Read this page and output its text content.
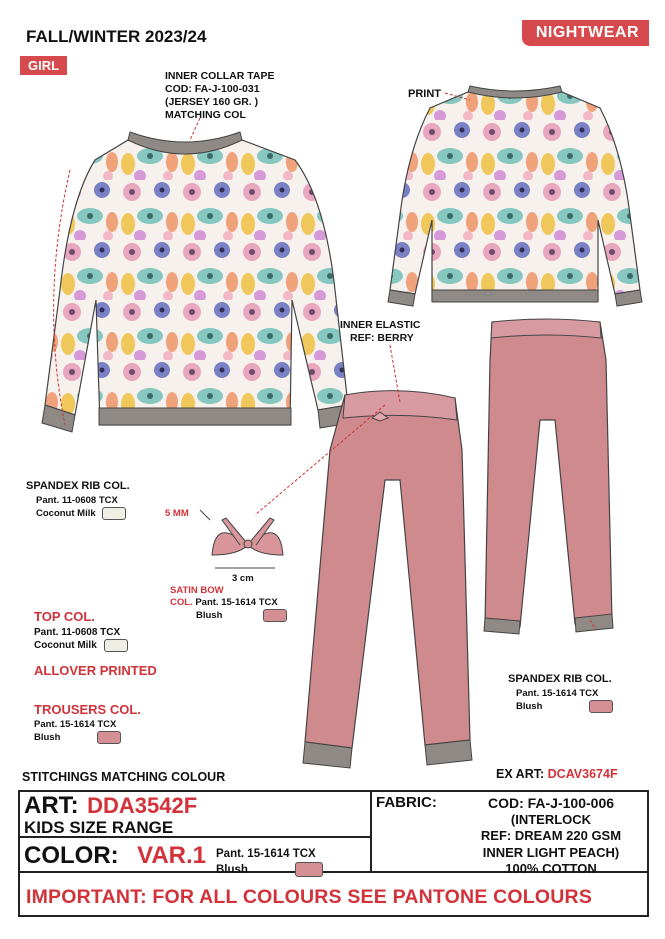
FALL/WINTER 2023/24	NIGHTWEAR
GIRL
INNER COLLAR TAPE
COD: FA-J-100-031
(JERSEY 160 GR. )
MATCHING COL
PRINT
INNER ELASTIC
REF: BERRY
5 MM
3 cm
SPANDEX RIB COL.
Pant. 11-0608 TCX
Coconut Milk
SATIN BOW
COL. Pant. 15-1614 TCX
Blush
TOP COL.
Pant. 11-0608 TCX
Coconut Milk
ALLOVER PRINTED
TROUSERS COL.
Pant. 15-1614 TCX
Blush
SPANDEX RIB COL.
Pant. 15-1614 TCX
Blush
STITCHINGS MATCHING COLOUR	EX ART: DCAV3674F
ART: DDA3542F
KIDS SIZE RANGE
COLOR: VAR.1 Pant. 15-1614 TCX
Blush
FABRIC:	COD: FA-J-100-006
(INTERLOCK
REF: DREAM 220 GSM
INNER LIGHT PEACH)
100% COTTON
IMPORTANT: FOR ALL COLOURS SEE PANTONE COLOURS
